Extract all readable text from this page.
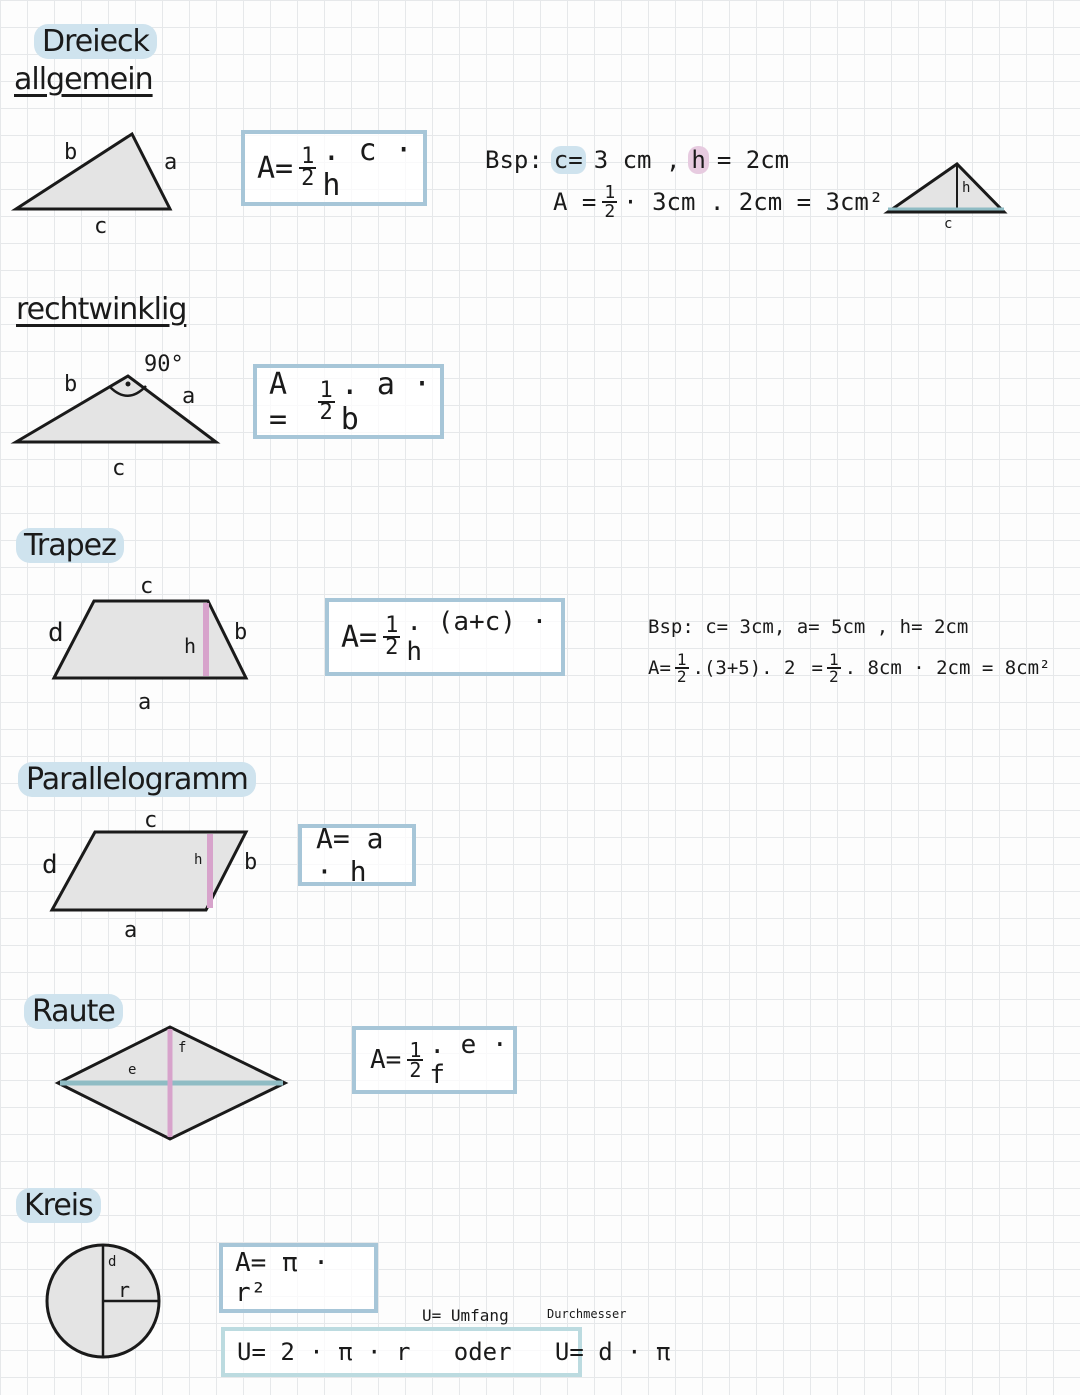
Dreieck
allgemein
b	a
c
$A= \frac{1}{2}$ . c · h
Bsp: c= 3 cm , h = 2cm
$A = \frac{1}{2} \cdot 3cm$ . 2cm = 3cm²	h
c
rechtwinklig
b
90°
a
c
A =	$\frac{1}{2}$ . a · b
Trapez
c
d	h
b
a
$A= \frac{1}{2}$ . (a+c) · h
Bsp: c= 3cm, a= 5cm , h= 2cm
$A= \frac{1}{2} .(3+5)$. $2 = \frac{1}{2}$ . 8cm · 2cm = 8cm²
Parallelogramm
c
d	h b
a
A= a · h
Raute
e
f	$A= \frac{1}{2}$ . e · f
Kreis
d
r
A= π · r²
U= Umfang	Durchmesser
U= 2 · π · r   oder   U= d · π
